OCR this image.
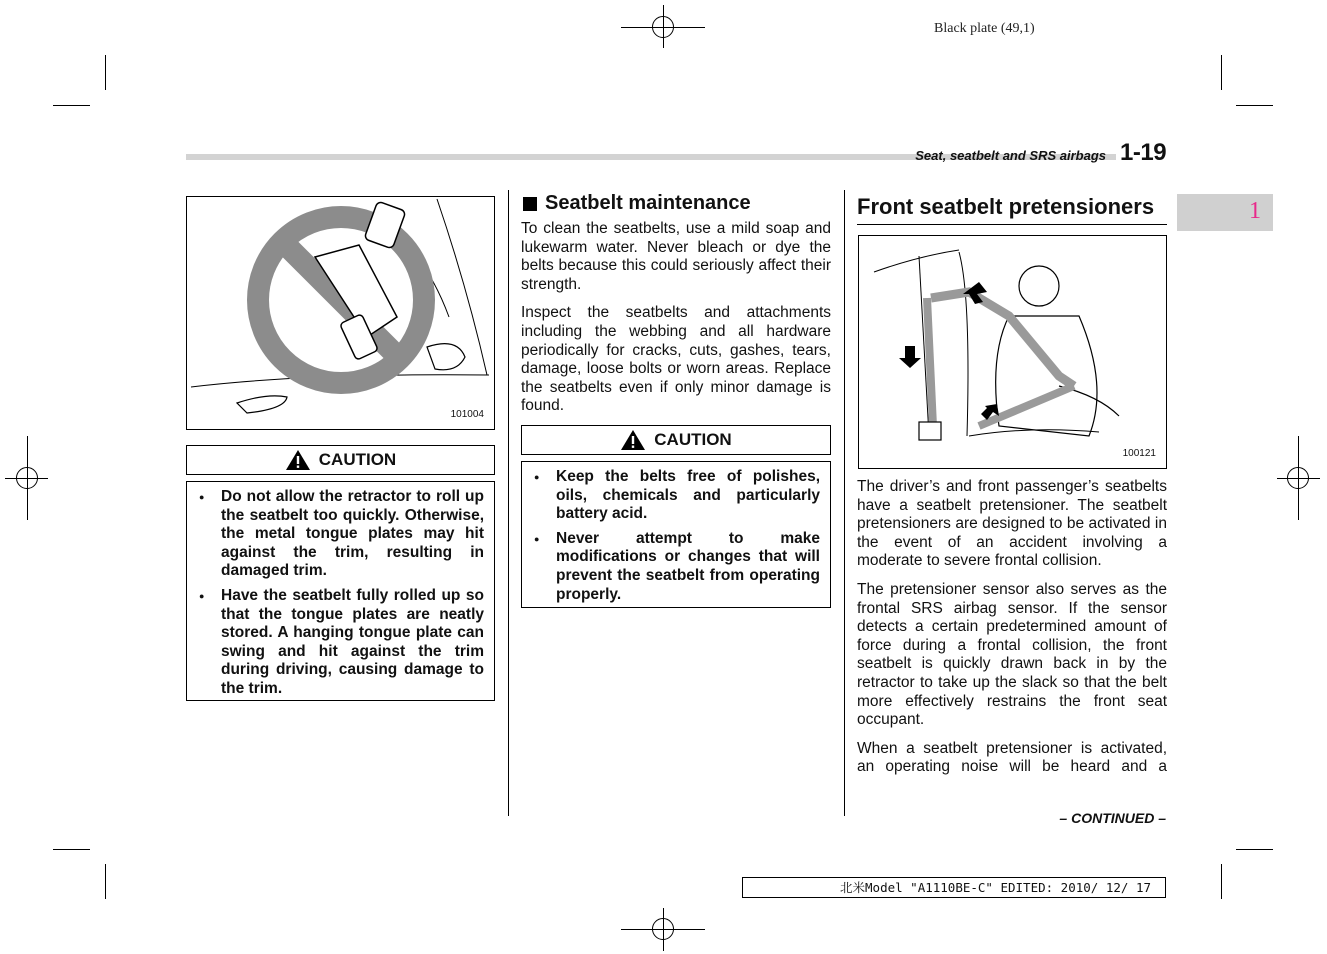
Black plate (49,1)
Seat, seatbelt and SRS airbags 1-19
1
101004
CAUTION
● Do not allow the retractor to roll up the seatbelt too quickly. Otherwise, the metal tongue plates may hit against the trim, resulting in damaged trim.
● Have the seatbelt fully rolled up so that the tongue plates are neatly stored. A hanging tongue plate can swing and hit against the trim during driving, causing damage to the trim.
Seatbelt maintenance

To clean the seatbelts, use a mild soap and lukewarm water. Never bleach or dye the belts because this could seriously affect their strength.

Inspect the seatbelts and attachments including the webbing and all hardware periodically for cracks, cuts, gashes, tears, damage, loose bolts or worn areas. Replace the seatbelts even if only minor damage is found.

CAUTION
● Keep the belts free of polishes, oils, chemicals and particularly battery acid.
● Never attempt to make modifications or changes that will prevent the seatbelt from operating properly.
Front seatbelt pretensioners
100121

The driver’s and front passenger’s seatbelts have a seatbelt pretensioner. The seatbelt pretensioners are designed to be activated in the event of an accident involving a moderate to severe frontal collision.

The pretensioner sensor also serves as the frontal SRS airbag sensor. If the sensor detects a certain predetermined amount of force during a frontal collision, the front seatbelt is quickly drawn back in by the retractor to take up the slack so that the belt more effectively restrains the front seat occupant.

When a seatbelt pretensioner is activated, an operating noise will be heard and a

– CONTINUED –
北米Model "A1110BE-C" EDITED: 2010/ 12/ 17
